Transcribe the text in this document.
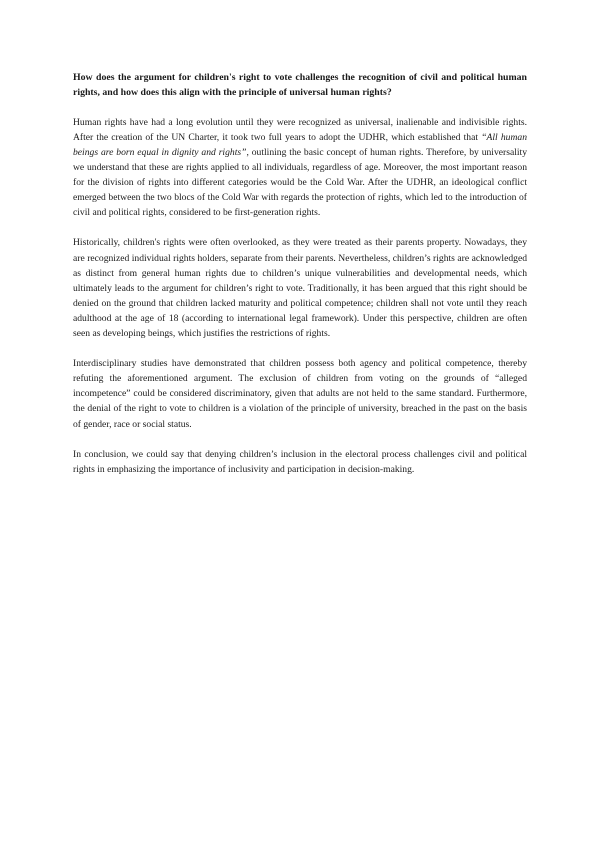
How does the argument for children's right to vote challenges the recognition of civil and political human rights, and how does this align with the principle of universal human rights?

Human rights have had a long evolution until they were recognized as universal, inalienable and indivisible rights. After the creation of the UN Charter, it took two full years to adopt the UDHR, which established that “All human beings are born equal in dignity and rights”, outlining the basic concept of human rights. Therefore, by universality we understand that these are rights applied to all individuals, regardless of age. Moreover, the most important reason for the division of rights into different categories would be the Cold War. After the UDHR, an ideological conflict emerged between the two blocs of the Cold War with regards the protection of rights, which led to the introduction of civil and political rights, considered to be first-generation rights.

Historically, children's rights were often overlooked, as they were treated as their parents property. Nowadays, they are recognized individual rights holders, separate from their parents. Nevertheless, children’s rights are acknowledged as distinct from general human rights due to children’s unique vulnerabilities and developmental needs, which ultimately leads to the argument for children’s right to vote. Traditionally, it has been argued that this right should be denied on the ground that children lacked maturity and political competence; children shall not vote until they reach adulthood at the age of 18 (according to international legal framework). Under this perspective, children are often seen as developing beings, which justifies the restrictions of rights.

Interdisciplinary studies have demonstrated that children possess both agency and political competence, thereby refuting the aforementioned argument. The exclusion of children from voting on the grounds of “alleged incompetence” could be considered discriminatory, given that adults are not held to the same standard. Furthermore, the denial of the right to vote to children is a violation of the principle of university, breached in the past on the basis of gender, race or social status.

In conclusion, we could say that denying children’s inclusion in the electoral process challenges civil and political rights in emphasizing the importance of inclusivity and participation in decision-making.
